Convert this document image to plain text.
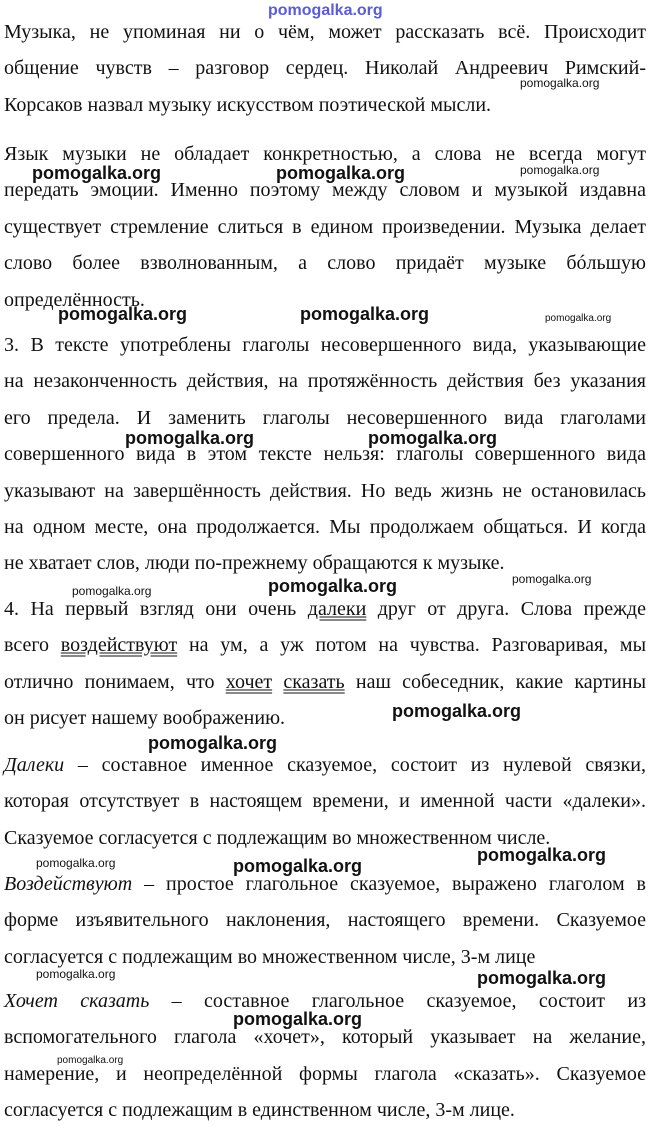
Музыка, не упоминая ни о чём, может рассказать всё. Происходит
общение чувств – разговор сердец. Николай Андреевич Римский-
Корсаков назвал музыку искусством поэтической мысли.
Язык музыки не обладает конкретностью, а слова не всегда могут
передать эмоции. Именно поэтому между словом и музыкой издавна
существует стремление слиться в едином произведении. Музыка делает
слово более взволнованным, а слово придаёт музыке бóльшую
определённость.
3. В тексте употреблены глаголы несовершенного вида, указывающие
на незаконченность действия, на протяжённость действия без указания
его предела. И заменить глаголы несовершенного вида глаголами
совершенного вида в этом тексте нельзя: глаголы совершенного вида
указывают на завершённость действия. Но ведь жизнь не остановилась
на одном месте, она продолжается. Мы продолжаем общаться. И когда
не хватает слов, люди по-прежнему обращаются к музыке.
4. На первый взгляд они очень далеки друг от друга. Слова прежде
всего воздействуют на ум, а уж потом на чувства. Разговаривая, мы
отлично понимаем, что хочет сказать наш собеседник, какие картины
он рисует нашему воображению.
Далеки – составное именное сказуемое, состоит из нулевой связки,
которая отсутствует в настоящем времени, и именной части «далеки».
Сказуемое согласуется с подлежащим во множественном числе.
Воздействуют – простое глагольное сказуемое, выражено глаголом в
форме изъявительного наклонения, настоящего времени. Сказуемое
согласуется с подлежащим во множественном числе, 3-м лице
Хочет сказать – составное глагольное сказуемое, состоит из
вспомогательного глагола «хочет», который указывает на желание,
намерение, и неопределённой формы глагола «сказать». Сказуемое
согласуется с подлежащим в единственном числе, 3-м лице.
pomogalka.org
pomogalka.org
pomogalka.org
pomogalka.org	pomogalka.org
pomogalka.org	pomogalka.org	pomogalka.org
pomogalka.org	pomogalka.org
pomogalka.org	pomogalka.org	pomogalka.org
pomogalka.org
pomogalka.org
pomogalka.org	pomogalka.org
pomogalka.org
pomogalka.org	pomogalka.org
pomogalka.org
pomogalka.org
